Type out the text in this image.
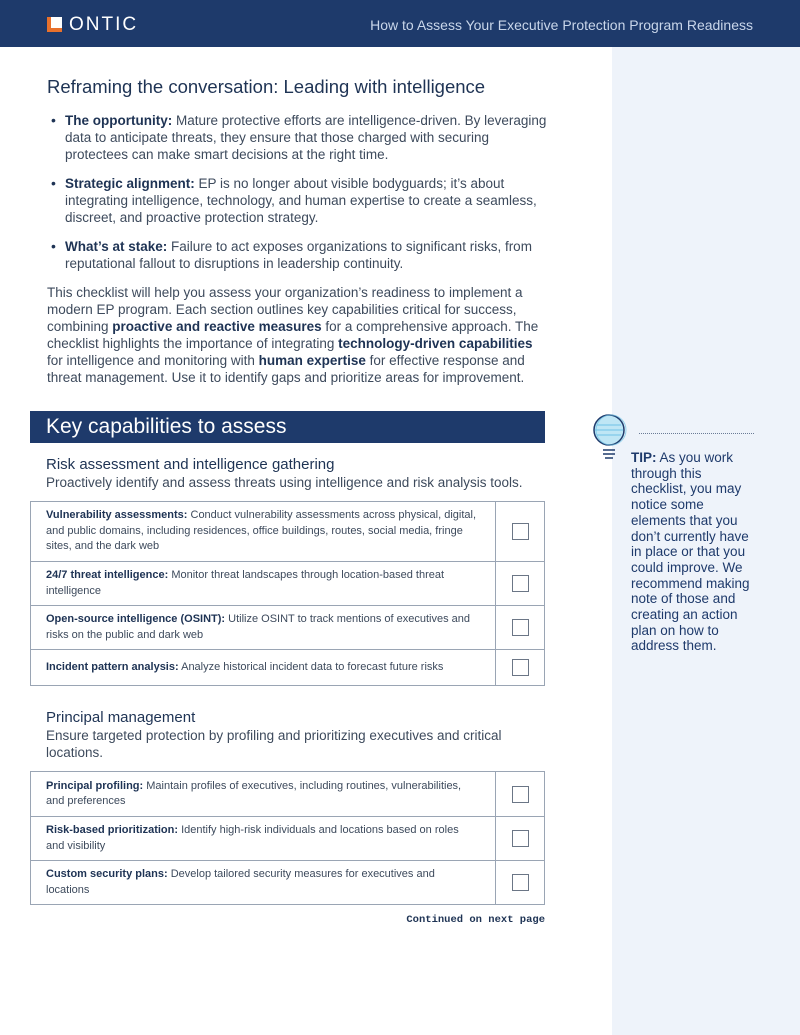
ONTIC	How to Assess Your Executive Protection Program Readiness
Reframing the conversation: Leading with intelligence
• The opportunity: Mature protective efforts are intelligence-driven. By leveraging data to anticipate threats, they ensure that those charged with securing protectees can make smart decisions at the right time.
• Strategic alignment: EP is no longer about visible bodyguards; it’s about integrating intelligence, technology, and human expertise to create a seamless, discreet, and proactive protection strategy.
• What’s at stake: Failure to act exposes organizations to significant risks, from reputational fallout to disruptions in leadership continuity.

This checklist will help you assess your organization’s readiness to implement a modern EP program. Each section outlines key capabilities critical for success, combining proactive and reactive measures for a comprehensive approach. The checklist highlights the importance of integrating technology-driven capabilities for intelligence and monitoring with human expertise for effective response and threat management. Use it to identify gaps and prioritize areas for improvement.

Key capabilities to assess
Risk assessment and intelligence gathering
Proactively identify and assess threats using intelligence and risk analysis tools.
Vulnerability assessments: Conduct vulnerability assessments across physical, digital, and public domains, including residences, office buildings, routes, social media, fringe sites, and the dark web
24/7 threat intelligence: Monitor threat landscapes through location-based threat intelligence
Open-source intelligence (OSINT): Utilize OSINT to track mentions of executives and risks on the public and dark web
Incident pattern analysis: Analyze historical incident data to forecast future risks
Principal management
Ensure targeted protection by profiling and prioritizing executives and critical locations.
Principal profiling: Maintain profiles of executives, including routines, vulnerabilities, and preferences
Risk-based prioritization: Identify high-risk individuals and locations based on roles and visibility
Custom security plans: Develop tailored security measures for executives and locations
Continued on next page

TIP: As you work through this checklist, you may notice some elements that you don’t currently have in place or that you could improve. We recommend making note of those and creating an action plan on how to address them.
